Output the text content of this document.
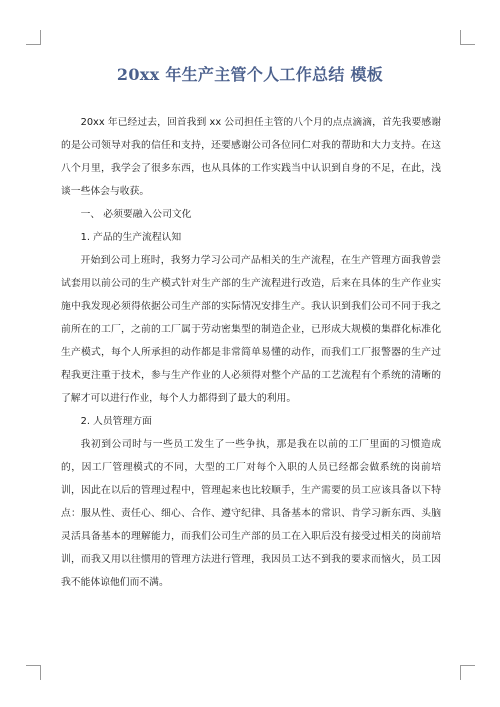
20xx 年生产主管个人工作总结 模板

20xx 年已经过去，回首我到 xx 公司担任主管的八个月的点点滴滴，首先我要感谢的是公司领导对我的信任和支持，还要感谢公司各位同仁对我的帮助和大力支持。在这八个月里，我学会了很多东西，也从具体的工作实践当中认识到自身的不足，在此，浅谈一些体会与收获。

一、 必须要融入公司文化

1. 产品的生产流程认知

开始到公司上班时，我努力学习公司产品相关的生产流程，在生产管理方面我曾尝试套用以前公司的生产模式针对生产部的生产流程进行改造，后来在具体的生产作业实施中我发现必须得依据公司生产部的实际情况安排生产。我认识到我们公司不同于我之前所在的工厂，之前的工厂属于劳动密集型的制造企业，已形成大规模的集群化标准化生产模式，每个人所承担的动作都是非常简单易懂的动作，而我们工厂报警器的生产过程我更注重于技术，参与生产作业的人必须得对整个产品的工艺流程有个系统的清晰的了解才可以进行作业，每个人力都得到了最大的利用。

2. 人员管理方面

我初到公司时与一些员工发生了一些争执，那是我在以前的工厂里面的习惯造成的，因工厂管理模式的不同，大型的工厂对每个入职的人员已经都会做系统的岗前培训，因此在以后的管理过程中，管理起来也比较顺手，生产需要的员工应该具备以下特点：服从性、责任心、细心、合作、遵守纪律、具备基本的常识、肯学习新东西、头脑灵活具备基本的理解能力，而我们公司生产部的员工在入职后没有接受过相关的岗前培训，而我又用以往惯用的管理方法进行管理，我因员工达不到我的要求而恼火，员工因我不能体谅他们而不满。
